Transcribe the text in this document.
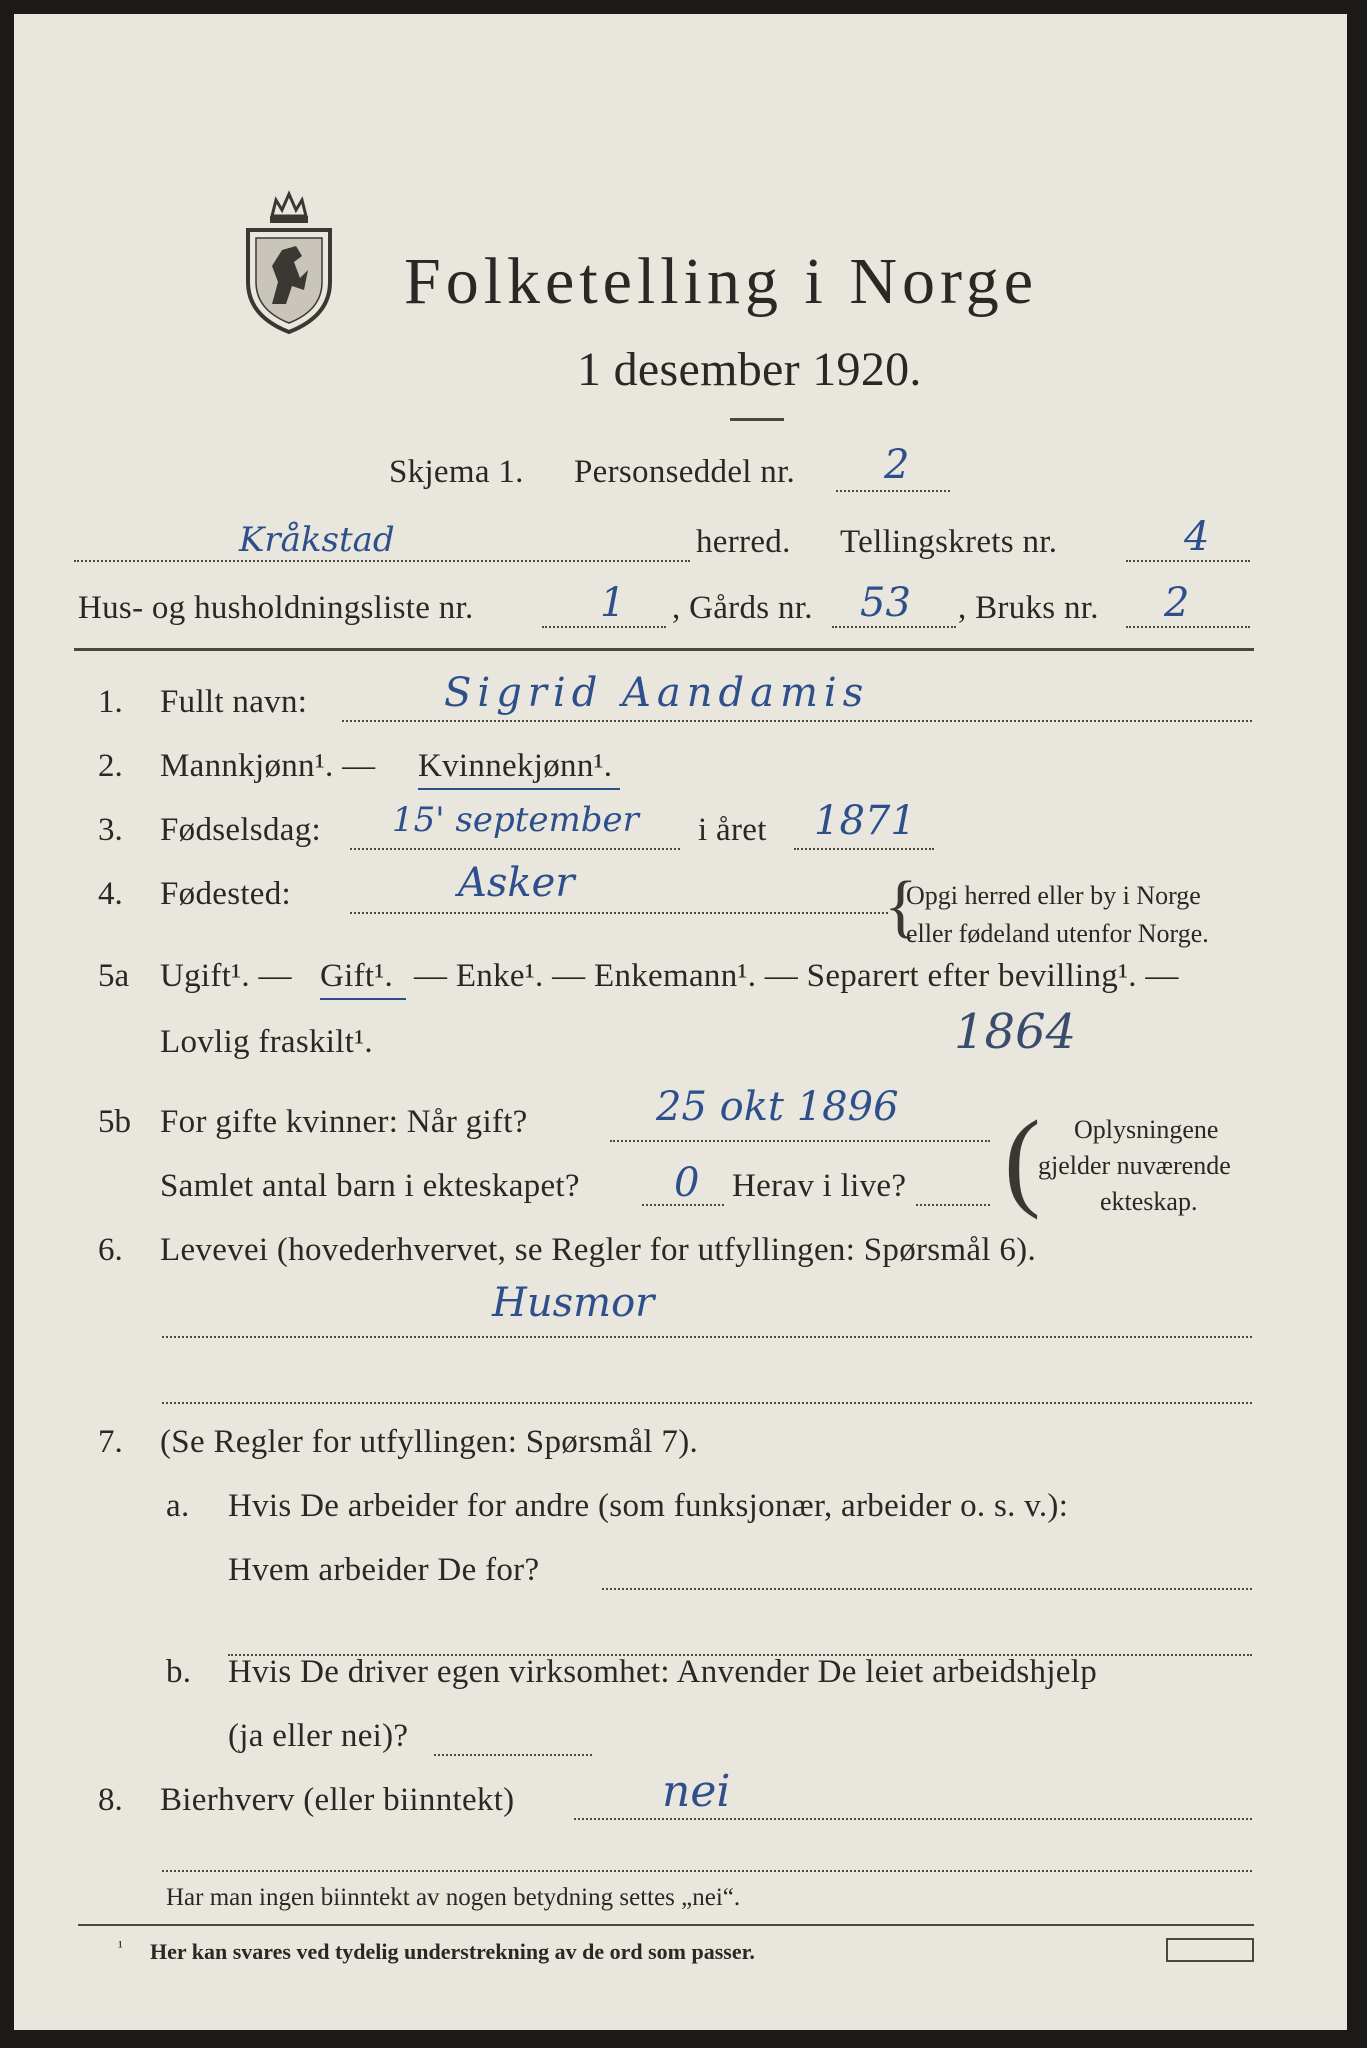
Folketelling i Norge
1 desember 1920.
Skjema 1. Personseddel nr. 2
Kråkstad	herred. Tellingskrets nr.	4
Hus- og husholdningsliste nr.	1 , Gårds nr. 53 , Bruks nr. 2
1. Fullt navn:	Sigrid Aandamis
2. Mannkjønn¹. — Kvinnekjønn¹.
3. Fødselsdag: 15' september i året 1871
4. Fødested:	Asker	{
Opgi herred eller by i Norge
eller fødeland utenfor Norge.
5a Ugift¹. — Gift¹. — Enke¹. — Enkemann¹. — Separert efter bevilling¹. —
Lovlig fraskilt¹.	1864
5b For gifte kvinner: Når gift?	25 okt 1896
Samlet antal barn i ekteskapet? 0 Herav i live? ( Oplysningene
gjelder nuværende
ekteskap.
6. Levevei (hovederhvervet, se Regler for utfyllingen: Spørsmål 6).
Husmor
7. (Se Regler for utfyllingen: Spørsmål 7).
a. Hvis De arbeider for andre (som funksjonær, arbeider o. s. v.):
Hvem arbeider De for?
b. Hvis De driver egen virksomhet: Anvender De leiet arbeidshjelp
(ja eller nei)?
8. Bierhverv (eller biinntekt)	nei
Har man ingen biinntekt av nogen betydning settes „nei“.
¹ Her kan svares ved tydelig understrekning av de ord som passer.
